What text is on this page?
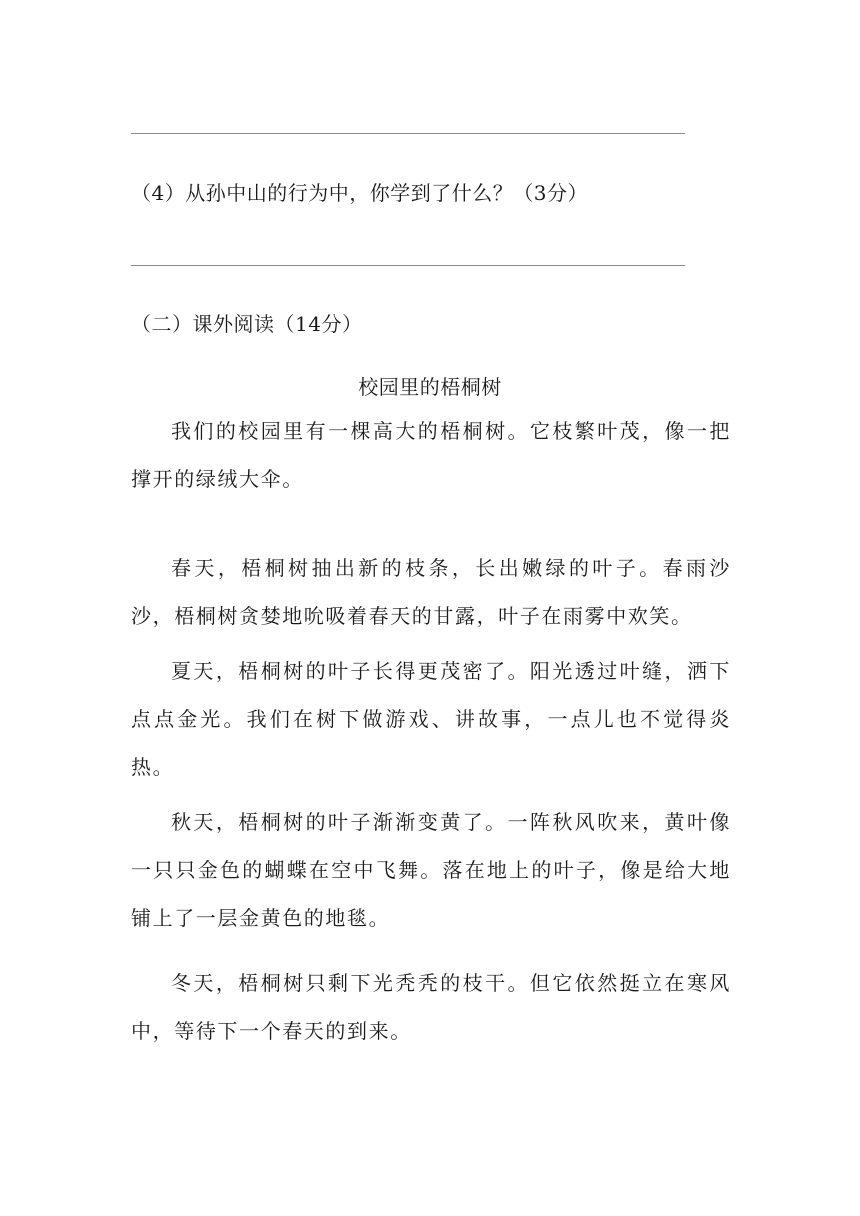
（4）从孙中山的行为中，你学到了什么？（3分）
（二）课外阅读（14分）
校园里的梧桐树

我们的校园里有一棵高大的梧桐树。它枝繁叶茂，像一把撑开的绿绒大伞。

春天，梧桐树抽出新的枝条，长出嫩绿的叶子。春雨沙沙，梧桐树贪婪地吮吸着春天的甘露，叶子在雨雾中欢笑。

夏天，梧桐树的叶子长得更茂密了。阳光透过叶缝，洒下点点金光。我们在树下做游戏、讲故事，一点儿也不觉得炎热。

秋天，梧桐树的叶子渐渐变黄了。一阵秋风吹来，黄叶像一只只金色的蝴蝶在空中飞舞。落在地上的叶子，像是给大地铺上了一层金黄色的地毯。

冬天，梧桐树只剩下光秃秃的枝干。但它依然挺立在寒风中，等待下一个春天的到来。
